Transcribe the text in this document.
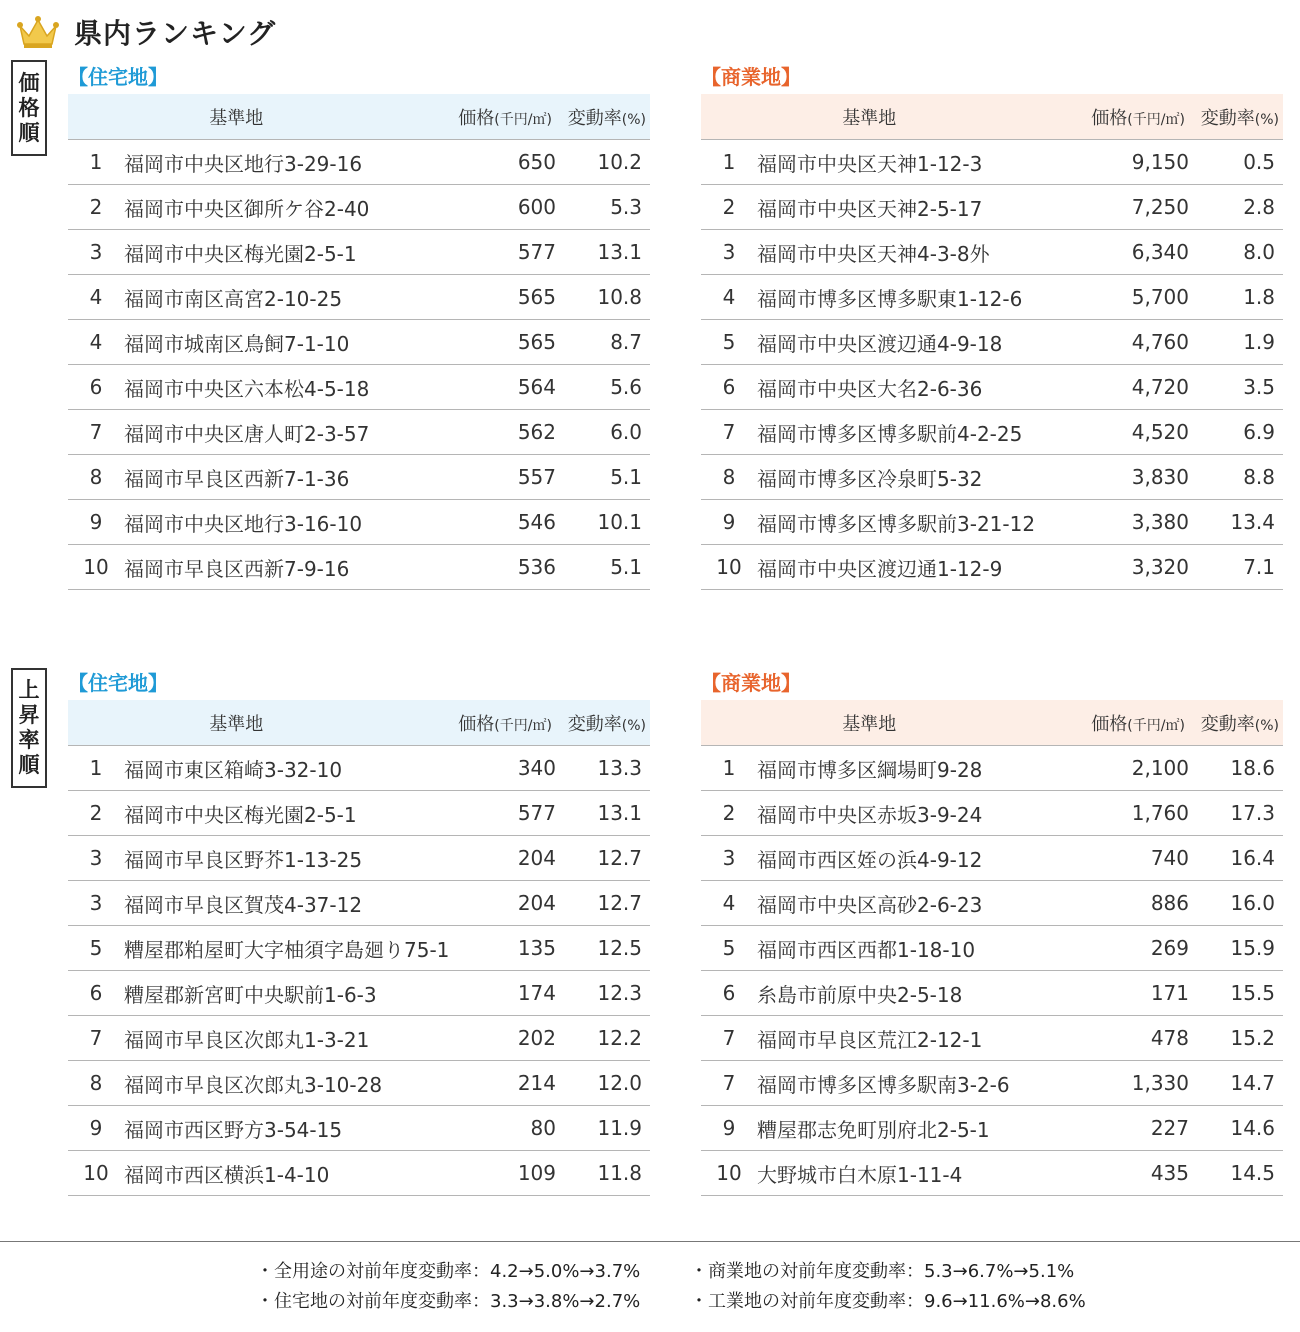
県内ランキング
価
格
順
上
昇
率
順
【住宅地】
基準地	価格(千円/㎡) 変動率(%)
1	福岡市中央区地行3-29-16	650	10.2
2	福岡市中央区御所ケ谷2-40	600	5.3
3	福岡市中央区梅光園2-5-1	577	13.1
4	福岡市南区高宮2-10-25	565	10.8
4	福岡市城南区鳥飼7-1-10	565	8.7
6	福岡市中央区六本松4-5-18	564	5.6
7	福岡市中央区唐人町2-3-57	562	6.0
8	福岡市早良区西新7-1-36	557	5.1
9	福岡市中央区地行3-16-10	546	10.1
10 福岡市早良区西新7-9-16	536	5.1
【商業地】
基準地	価格(千円/㎡) 変動率(%)
1	福岡市中央区天神1-12-3	9,150	0.5
2	福岡市中央区天神2-5-17	7,250	2.8
3	福岡市中央区天神4-3-8外	6,340	8.0
4	福岡市博多区博多駅東1-12-6	5,700	1.8
5	福岡市中央区渡辺通4-9-18	4,760	1.9
6	福岡市中央区大名2-6-36	4,720	3.5
7	福岡市博多区博多駅前4-2-25	4,520	6.9
8	福岡市博多区冷泉町5-32	3,830	8.8
9	福岡市博多区博多駅前3-21-12	3,380	13.4
10 福岡市中央区渡辺通1-12-9	3,320	7.1
【住宅地】
基準地	価格(千円/㎡) 変動率(%)
1	福岡市東区箱崎3-32-10	340	13.3
2	福岡市中央区梅光園2-5-1	577	13.1
3	福岡市早良区野芥1-13-25	204	12.7
3	福岡市早良区賀茂4-37-12	204	12.7
5	糟屋郡粕屋町大字柚須字島廻り75-1	135	12.5
6	糟屋郡新宮町中央駅前1-6-3	174	12.3
7	福岡市早良区次郎丸1-3-21	202	12.2
8	福岡市早良区次郎丸3-10-28	214	12.0
9	福岡市西区野方3-54-15	80	11.9
10 福岡市西区横浜1-4-10	109	11.8
【商業地】
基準地	価格(千円/㎡) 変動率(%)
1	福岡市博多区綱場町9-28	2,100	18.6
2	福岡市中央区赤坂3-9-24	1,760	17.3
3	福岡市西区姪の浜4-9-12	740	16.4
4	福岡市中央区高砂2-6-23	886	16.0
5	福岡市西区西都1-18-10	269	15.9
6	糸島市前原中央2-5-18	171	15.5
7	福岡市早良区荒江2-12-1	478	15.2
7	福岡市博多区博多駅南3-2-6	1,330	14.7
9	糟屋郡志免町別府北2-5-1	227	14.6
10 大野城市白木原1-11-4	435	14.5
・全用途の対前年度変動率：4.2→5.0%→3.7%
・住宅地の対前年度変動率：3.3→3.8%→2.7%
・商業地の対前年度変動率：5.3→6.7%→5.1%
・工業地の対前年度変動率：9.6→11.6%→8.6%
